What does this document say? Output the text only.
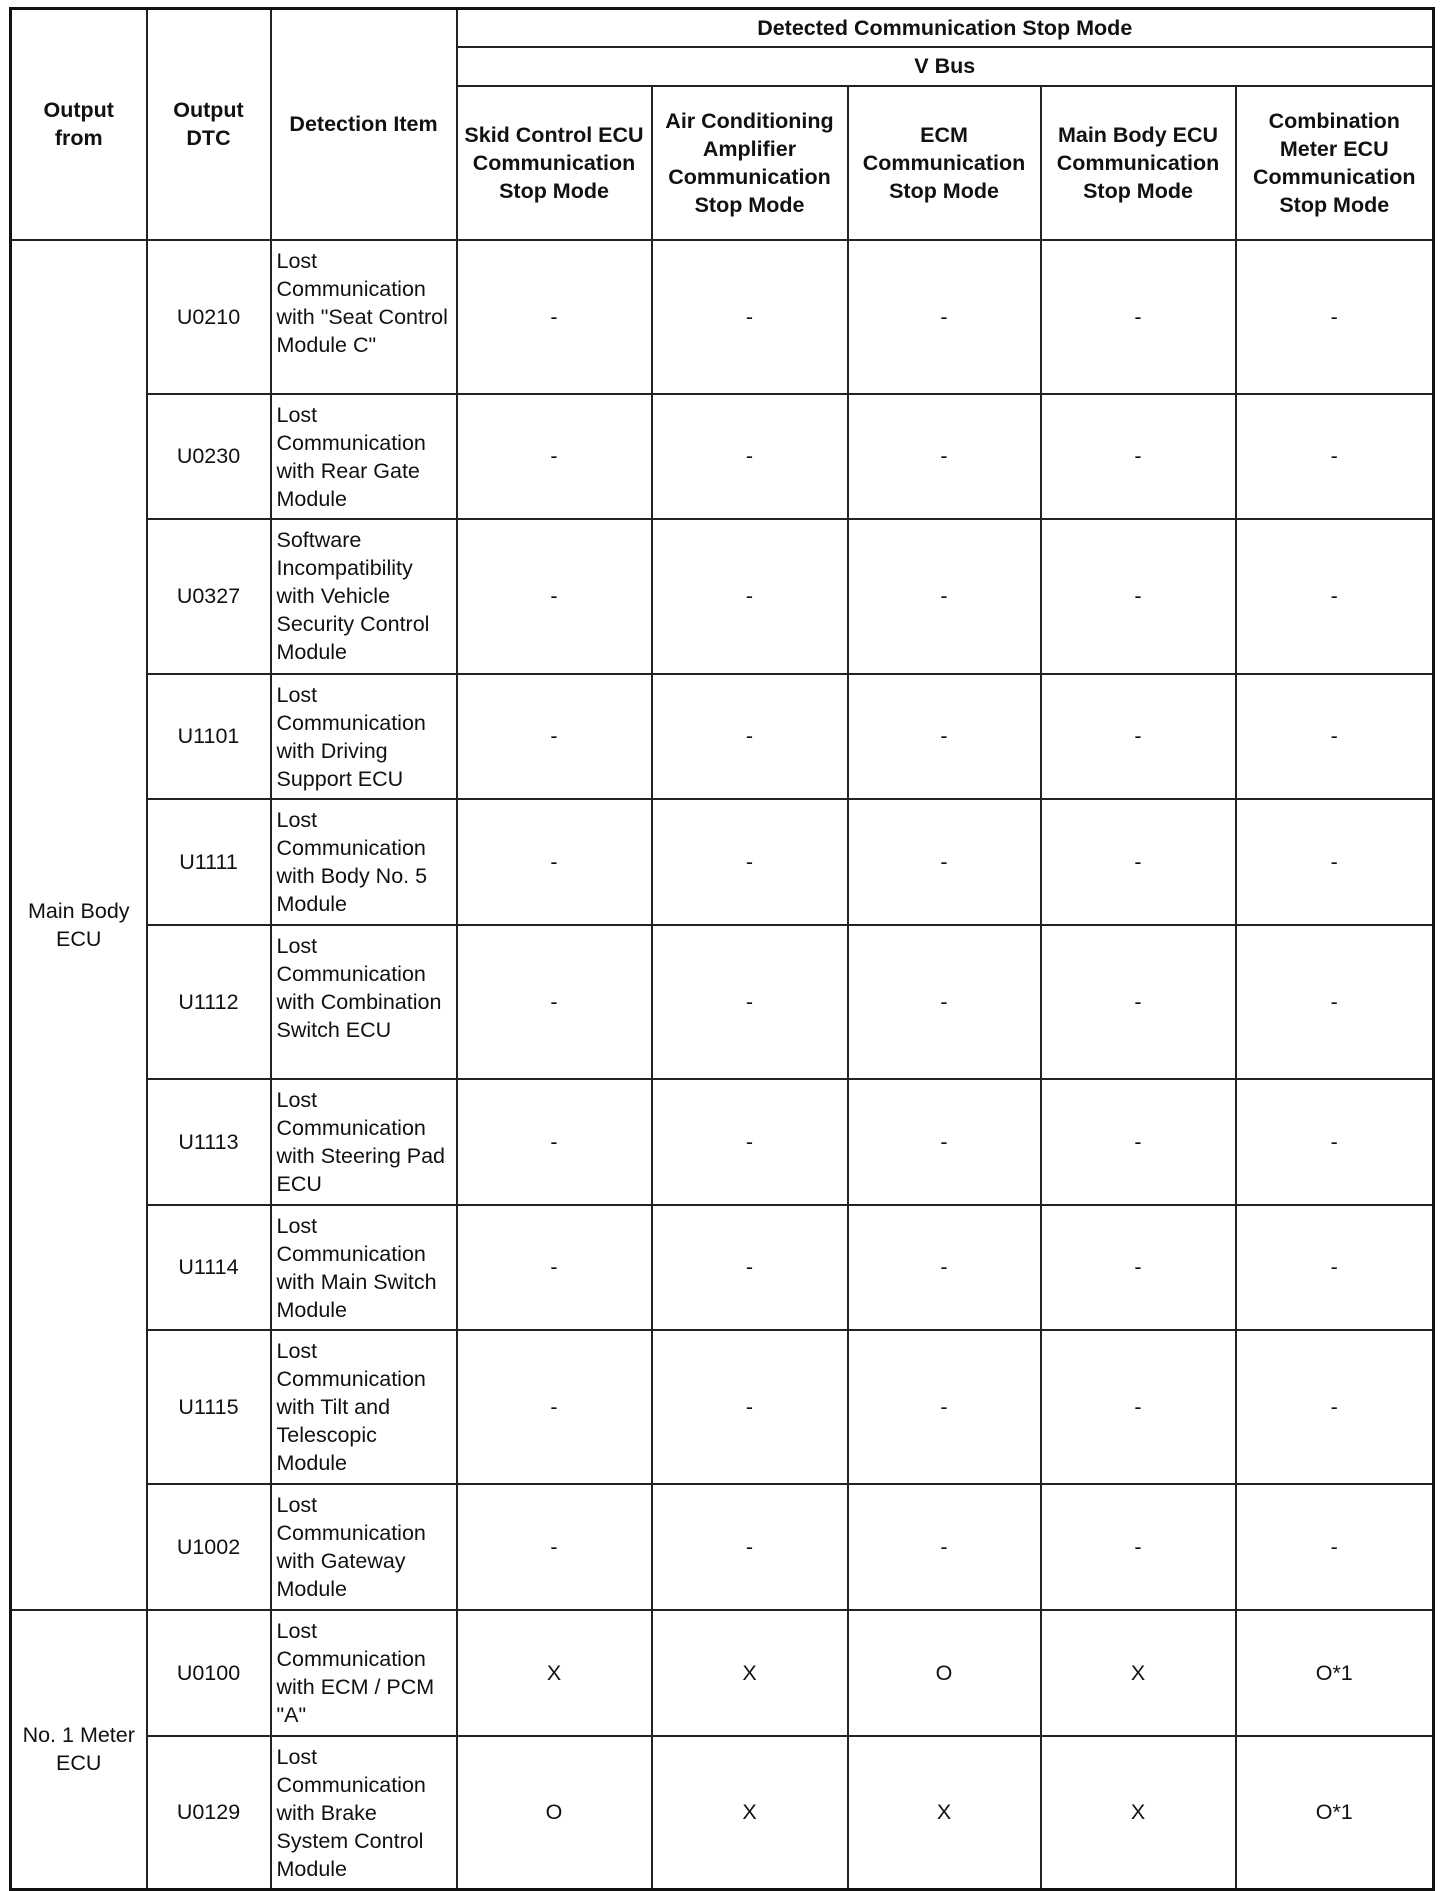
Output from	Output DTC	Detection Item	Detected Communication Stop Mode				
			V Bus				
			Skid Control ECU Communication Stop Mode	Air Conditioning Amplifier Communication Stop Mode	ECM Communication Stop Mode	Main Body ECU Communication Stop Mode	Combination Meter ECU Communication Stop Mode
Main Body ECU	U0210	Lost Communication with "Seat Control Module C"	-	-	-	-	-
	U0230	Lost Communication with Rear Gate Module	-	-	-	-	-
	U0327	Software Incompatibility with Vehicle Security Control Module	-	-	-	-	-
	U1101	Lost Communication with Driving Support ECU	-	-	-	-	-
	U1111	Lost Communication with Body No. 5 Module	-	-	-	-	-
	U1112	Lost Communication with Combination Switch ECU	-	-	-	-	-
	U1113	Lost Communication with Steering Pad ECU	-	-	-	-	-
	U1114	Lost Communication with Main Switch Module	-	-	-	-	-
	U1115	Lost Communication with Tilt and Telescopic Module	-	-	-	-	-
	U1002	Lost Communication with Gateway Module	-	-	-	-	-
No. 1 Meter ECU	U0100	Lost Communication with ECM / PCM "A"	X	X	O	X	O*1
	U0129	Lost Communication with Brake System Control Module	O	X	X	X	O*1
